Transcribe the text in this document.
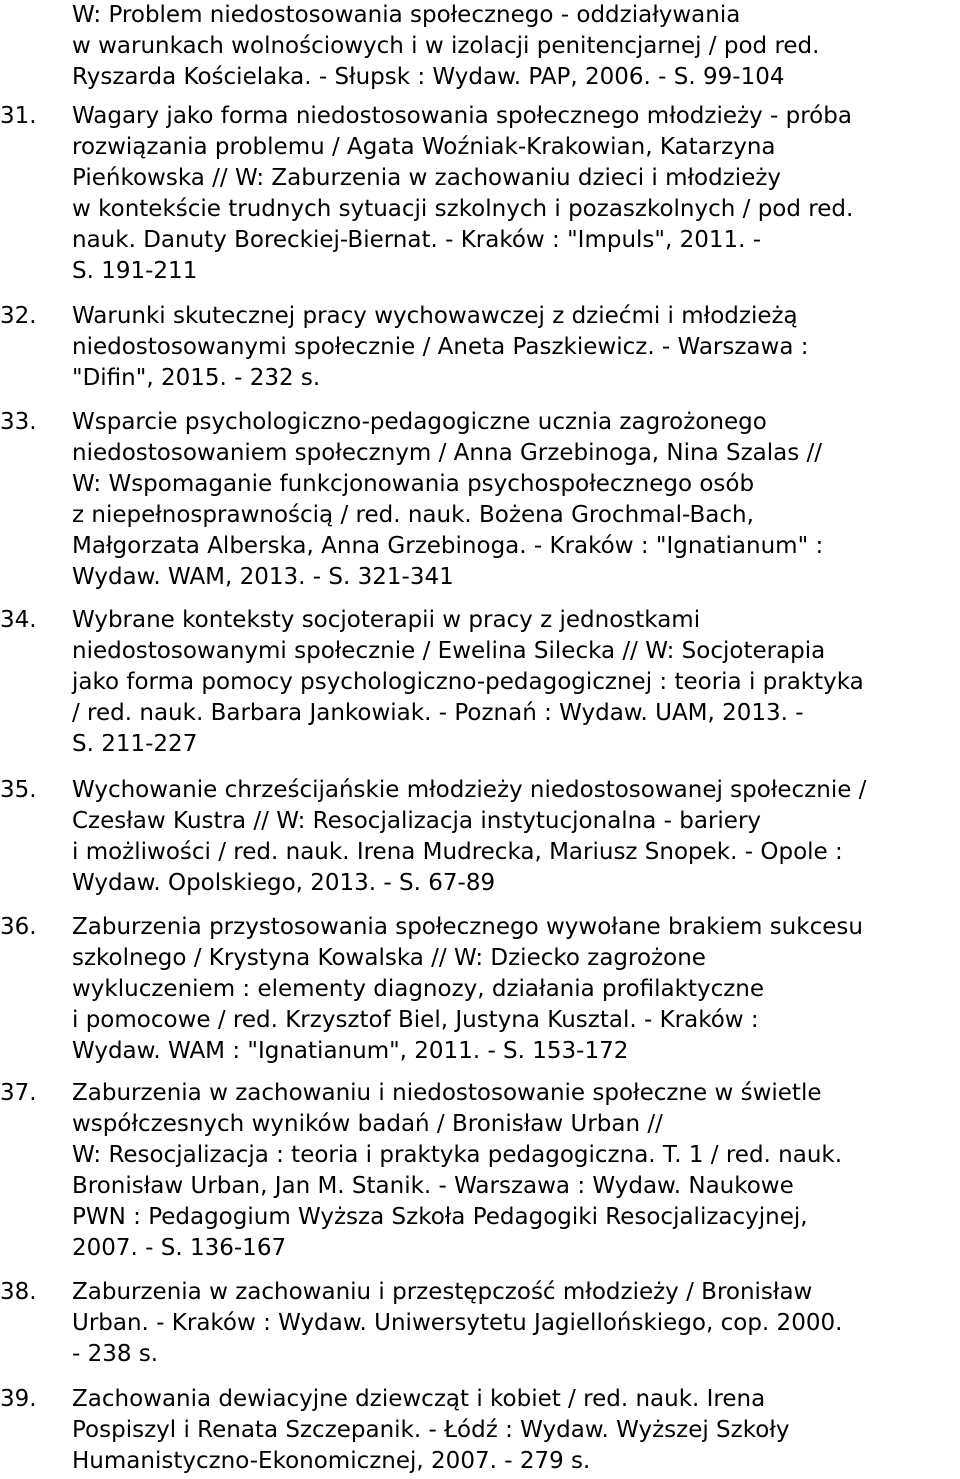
W: Problem niedostosowania społecznego - oddziaływania
w warunkach wolnościowych i w izolacji penitencjarnej / pod red.
Ryszarda Kościelaka. - Słupsk : Wydaw. PAP, 2006. - S. 99-104
31.	Wagary jako forma niedostosowania społecznego młodzieży - próba
rozwiązania problemu / Agata Woźniak-Krakowian, Katarzyna
Pieńkowska // W: Zaburzenia w zachowaniu dzieci i młodzieży
w kontekście trudnych sytuacji szkolnych i pozaszkolnych / pod red.
nauk. Danuty Boreckiej-Biernat. - Kraków : "Impuls", 2011. -
S. 191-211
32.	Warunki skutecznej pracy wychowawczej z dziećmi i młodzieżą
niedostosowanymi społecznie / Aneta Paszkiewicz. - Warszawa :
"Difin", 2015. - 232 s.
33.	Wsparcie psychologiczno-pedagogiczne ucznia zagrożonego
niedostosowaniem społecznym / Anna Grzebinoga, Nina Szalas //
W: Wspomaganie funkcjonowania psychospołecznego osób
z niepełnosprawnością / red. nauk. Bożena Grochmal-Bach,
Małgorzata Alberska, Anna Grzebinoga. - Kraków : "Ignatianum" :
Wydaw. WAM, 2013. - S. 321-341
34.	Wybrane konteksty socjoterapii w pracy z jednostkami
niedostosowanymi społecznie / Ewelina Silecka // W: Socjoterapia
jako forma pomocy psychologiczno-pedagogicznej : teoria i praktyka
/ red. nauk. Barbara Jankowiak. - Poznań : Wydaw. UAM, 2013. -
S. 211-227
35.	Wychowanie chrześcijańskie młodzieży niedostosowanej społecznie /
Czesław Kustra // W: Resocjalizacja instytucjonalna - bariery
i możliwości / red. nauk. Irena Mudrecka, Mariusz Snopek. - Opole :
Wydaw. Opolskiego, 2013. - S. 67-89
36.	Zaburzenia przystosowania społecznego wywołane brakiem sukcesu
szkolnego / Krystyna Kowalska // W: Dziecko zagrożone
wykluczeniem : elementy diagnozy, działania profilaktyczne
i pomocowe / red. Krzysztof Biel, Justyna Kusztal. - Kraków :
Wydaw. WAM : "Ignatianum", 2011. - S. 153-172
37.	Zaburzenia w zachowaniu i niedostosowanie społeczne w świetle
współczesnych wyników badań / Bronisław Urban //
W: Resocjalizacja : teoria i praktyka pedagogiczna. T. 1 / red. nauk.
Bronisław Urban, Jan M. Stanik. - Warszawa : Wydaw. Naukowe
PWN : Pedagogium Wyższa Szkoła Pedagogiki Resocjalizacyjnej,
2007. - S. 136-167
38.	Zaburzenia w zachowaniu i przestępczość młodzieży / Bronisław
Urban. - Kraków : Wydaw. Uniwersytetu Jagiellońskiego, cop. 2000.
- 238 s.
39.	Zachowania dewiacyjne dziewcząt i kobiet / red. nauk. Irena
Pospiszyl i Renata Szczepanik. - Łódź : Wydaw. Wyższej Szkoły
Humanistyczno-Ekonomicznej, 2007. - 279 s.
